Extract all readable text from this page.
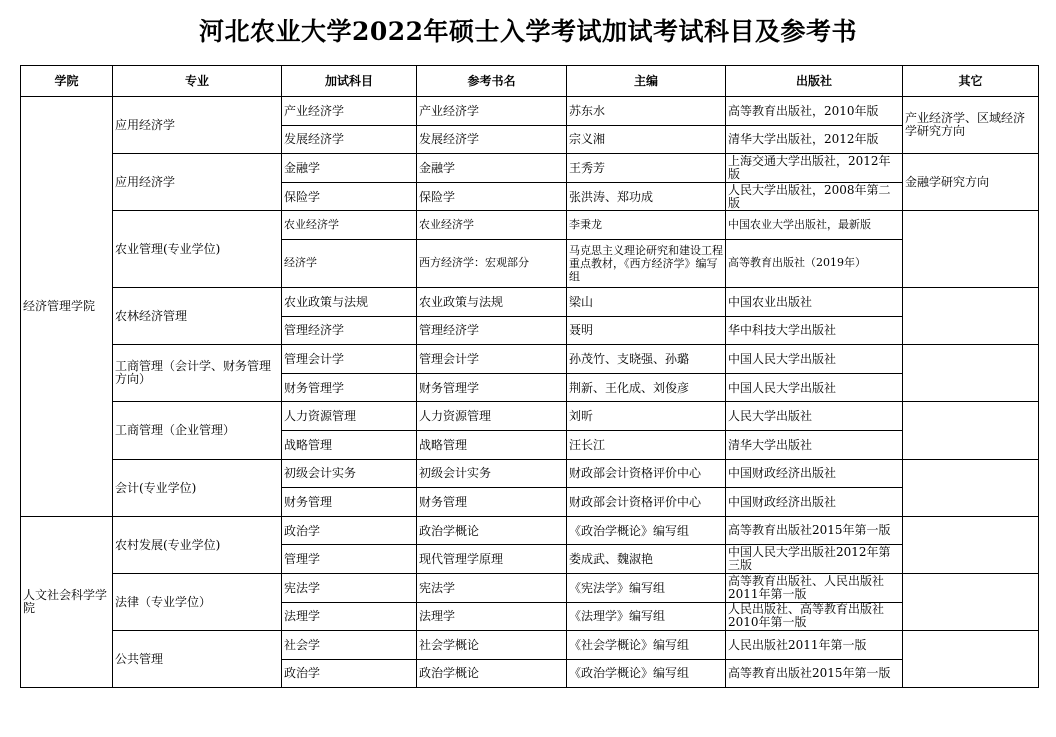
河北农业大学2022年硕士入学考试加试考试科目及参考书
学院	专业	加试科目	参考书名	主编	出版社	其它
经济管理学院	应用经济学	产业经济学	产业经济学	苏东水	高等教育出版社，2010年版	产业经济学、区域经济学研究方向
		发展经济学	发展经济学	宗义湘	清华大学出版社，2012年版	
	应用经济学	金融学	金融学	王秀芳	上海交通大学出版社，2012年版	金融学研究方向
		保险学	保险学	张洪涛、郑功成	人民大学出版社，2008年第二版	
	农业管理(专业学位)	农业经济学	农业经济学	李秉龙	中国农业大学出版社，最新版	
		经济学	西方经济学：宏观部分	马克思主义理论研究和建设工程重点教材，《西方经济学》编写组	高等教育出版社（2019年）	
	农林经济管理	农业政策与法规	农业政策与法规	梁山	中国农业出版社	
		管理经济学	管理经济学	聂明	华中科技大学出版社	
	工商管理（会计学、财务管理方向）	管理会计学	管理会计学	孙茂竹、支晓强、孙璐	中国人民大学出版社	
		财务管理学	财务管理学	荆新、王化成、刘俊彦	中国人民大学出版社	
	工商管理（企业管理）	人力资源管理	人力资源管理	刘昕	人民大学出版社	
		战略管理	战略管理	汪长江	清华大学出版社	
	会计(专业学位)	初级会计实务	初级会计实务	财政部会计资格评价中心	中国财政经济出版社	
		财务管理	财务管理	财政部会计资格评价中心	中国财政经济出版社	
人文社会科学学院	农村发展(专业学位)	政治学	政治学概论	《政治学概论》编写组	高等教育出版社2015年第一版	
		管理学	现代管理学原理	娄成武、魏淑艳	中国人民大学出版社2012年第三版	
	法律（专业学位）	宪法学	宪法学	《宪法学》编写组	高等教育出版社、人民出版社2011年第一版	
		法理学	法理学	《法理学》编写组	人民出版社、高等教育出版社2010年第一版	
	公共管理	社会学	社会学概论	《社会学概论》编写组	人民出版社2011年第一版	
		政治学	政治学概论	《政治学概论》编写组	高等教育出版社2015年第一版	
